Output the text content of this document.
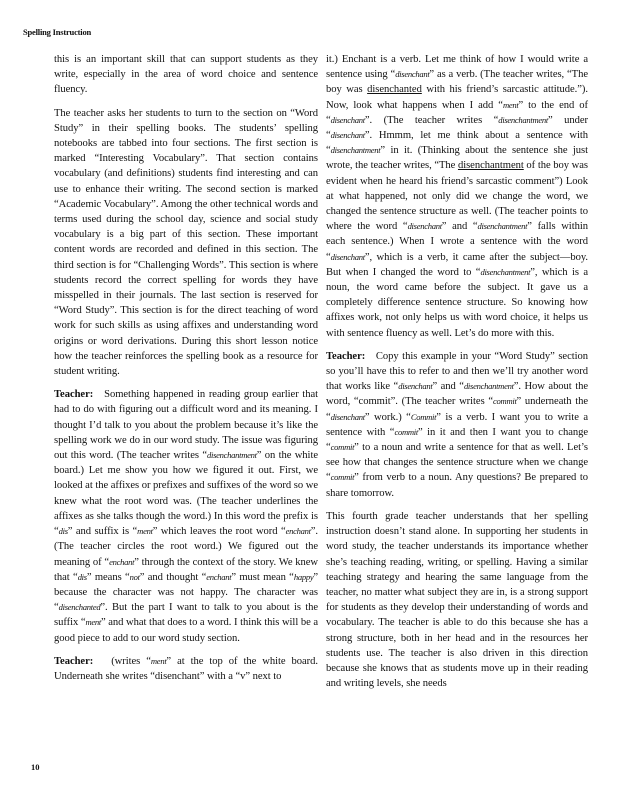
Spelling Instruction

this is an important skill that can support students as they write, especially in the area of word choice and sentence fluency.

The teacher asks her students to turn to the section on “Word Study” in their spelling books. The students’ spelling notebooks are tabbed into four sections. The first section is marked “Interesting Vocabulary”. That section contains vocabulary (and definitions) students find interesting and can use to enhance their writing. The second section is marked “Academic Vocabulary”. Among the other technical words and terms used during the school day, science and social study vocabulary is a big part of this section. These important content words are recorded and defined in this section. The third section is for “Challenging Words”. This section is where students record the correct spelling for words they have misspelled in their journals. The last section is reserved for “Word Study”. This section is for the direct teaching of word work for such skills as using affixes and understanding word origins or word derivations. During this short lesson notice how the teacher reinforces the spelling book as a resource for student writing.

Teacher: Something happened in reading group earlier that had to do with figuring out a difficult word and its meaning. I thought I’d talk to you about the problem because it’s like the spelling work we do in our word study. The issue was figuring out this word. (The teacher writes “disenchantment” on the white board.) Let me show you how we figured it out. First, we looked at the affixes or prefixes and suffixes of the word so we knew what the root word was. (The teacher underlines the affixes as she talks though the word.) In this word the prefix is “dis” and suffix is “ment” which leaves the root word “enchant”. (The teacher circles the root word.) We figured out the meaning of “enchant” through the context of the story. We knew that “dis” means “not” and thought “enchant” must mean “happy” because the character was not happy. The character was “disenchanted”. But the part I want to talk to you about is the suffix “ment” and what that does to a word. I think this will be a good piece to add to our word study section.

Teacher: (writes “ment” at the top of the white board. Underneath she writes “disenchant” with a “v” next to

it.) Enchant is a verb. Let me think of how I would write a sentence using “disenchant” as a verb. (The teacher writes, “The boy was disenchanted with his friend’s sarcastic attitude.”). Now, look what happens when I add “ment” to the end of “disenchant”. (The teacher writes “disenchantment” under “disenchant”. Hmmm, let me think about a sentence with “disenchantment” in it. (Thinking about the sentence she just wrote, the teacher writes, “The disenchantment of the boy was evident when he heard his friend’s sarcastic comment”) Look at what happened, not only did we change the word, we changed the sentence structure as well. (The teacher points to where the word “disenchant” and “disenchantment” falls within each sentence.) When I wrote a sentence with the word “disenchant”, which is a verb, it came after the subject—boy. But when I changed the word to “disenchantment”, which is a noun, the word came before the subject. It gave us a completely difference sentence structure. So knowing how affixes work, not only helps us with word choice, it helps us with sentence fluency as well. Let’s do more with this.

Teacher: Copy this example in your “Word Study” section so you’ll have this to refer to and then we’ll try another word that works like “disenchant” and “disenchantment”. How about the word, “commit”. (The teacher writes “commit” underneath the “disenchant” work.) “Commit” is a verb. I want you to write a sentence with “commit” in it and then I want you to change “commit” to a noun and write a sentence for that as well. Let’s see how that changes the sentence structure when we change “commit” from verb to a noun. Any questions? Be prepared to share tomorrow.

This fourth grade teacher understands that her spelling instruction doesn’t stand alone. In supporting her students in word study, the teacher understands its importance whether she’s teaching reading, writing, or spelling. Having a similar teaching strategy and hearing the same language from the teacher, no matter what subject they are in, is a strong support for students as they develop their understanding of words and vocabulary. The teacher is able to do this because she has a strong structure, both in her head and in the resources her students use. The teacher is also driven in this direction because she knows that as students move up in their reading and writing levels, she needs

10
